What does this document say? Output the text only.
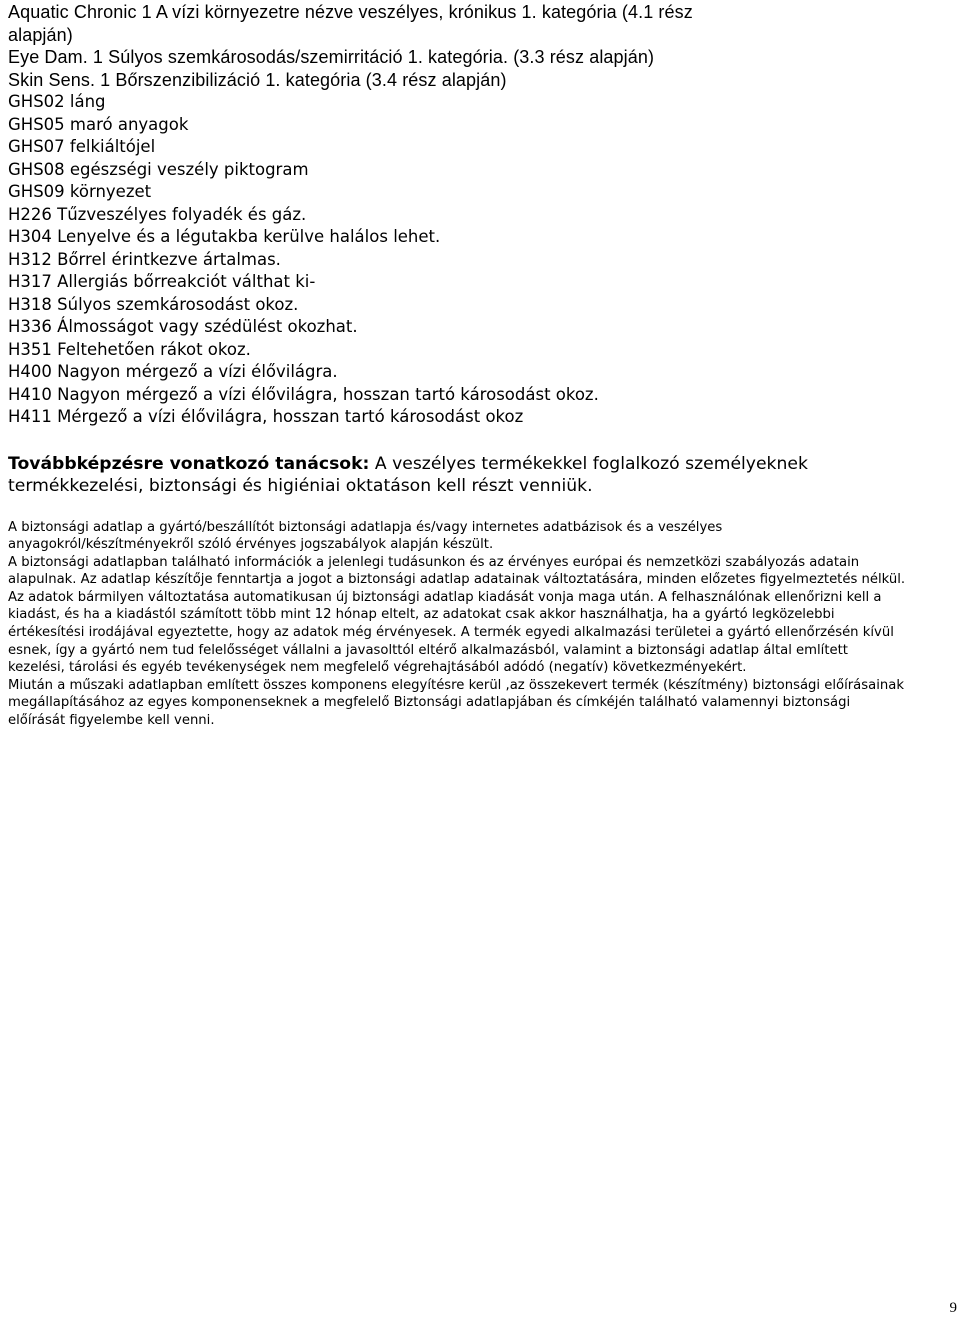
Aquatic Chronic 1 A vízi környezetre nézve veszélyes, krónikus 1. kategória (4.1 rész
alapján)
Eye Dam. 1 Súlyos szemkárosodás/szemirritáció 1. kategória. (3.3 rész alapján)
Skin Sens. 1 Bőrszenzibilizáció 1. kategória (3.4 rész alapján)
GHS02 láng
GHS05 maró anyagok
GHS07 felkiáltójel
GHS08 egészségi veszély piktogram
GHS09 környezet
H226 Tűzveszélyes folyadék és gáz.
H304 Lenyelve és a légutakba kerülve halálos lehet.
H312 Bőrrel érintkezve ártalmas.
H317 Allergiás bőrreakciót válthat ki-
H318 Súlyos szemkárosodást okoz.
H336 Álmosságot vagy szédülést okozhat.
H351 Feltehetően rákot okoz.
H400 Nagyon mérgező a vízi élővilágra.
H410 Nagyon mérgező a vízi élővilágra, hosszan tartó károsodást okoz.
H411 Mérgező a vízi élővilágra, hosszan tartó károsodást okoz

Továbbképzésre vonatkozó tanácsok: A veszélyes termékekkel foglalkozó személyeknek termékkezelési, biztonsági és higiéniai oktatáson kell részt venniük.

A biztonsági adatlap a gyártó/beszállítót biztonsági adatlapja és/vagy internetes adatbázisok és a veszélyes anyagokról/készítményekről szóló érvényes jogszabályok alapján készült.
A biztonsági adatlapban található információk a jelenlegi tudásunkon és az érvényes európai és nemzetközi szabályozás adatain alapulnak. Az adatlap készítője fenntartja a jogot a biztonsági adatlap adatainak változtatására, minden előzetes figyelmeztetés nélkül. Az adatok bármilyen változtatása automatikusan új biztonsági adatlap kiadását vonja maga után. A felhasználónak ellenőrizni kell a kiadást, és ha a kiadástól számított több mint 12 hónap eltelt, az adatokat csak akkor használhatja, ha a gyártó legközelebbi értékesítési irodájával egyeztette, hogy az adatok még érvényesek. A termék egyedi alkalmazási területei a gyártó ellenőrzésén kívül esnek, így a gyártó nem tud felelősséget vállalni a javasolttól eltérő alkalmazásból, valamint a biztonsági adatlap által említett kezelési, tárolási és egyéb tevékenységek nem megfelelő végrehajtásából adódó (negatív) következményekért.
Miután a műszaki adatlapban említett összes komponens elegyítésre kerül ,az összekevert termék (készítmény) biztonsági előírásainak megállapításához az egyes komponenseknek a megfelelő Biztonsági adatlapjában és címkéjén található valamennyi biztonsági előírását figyelembe kell venni.
9
